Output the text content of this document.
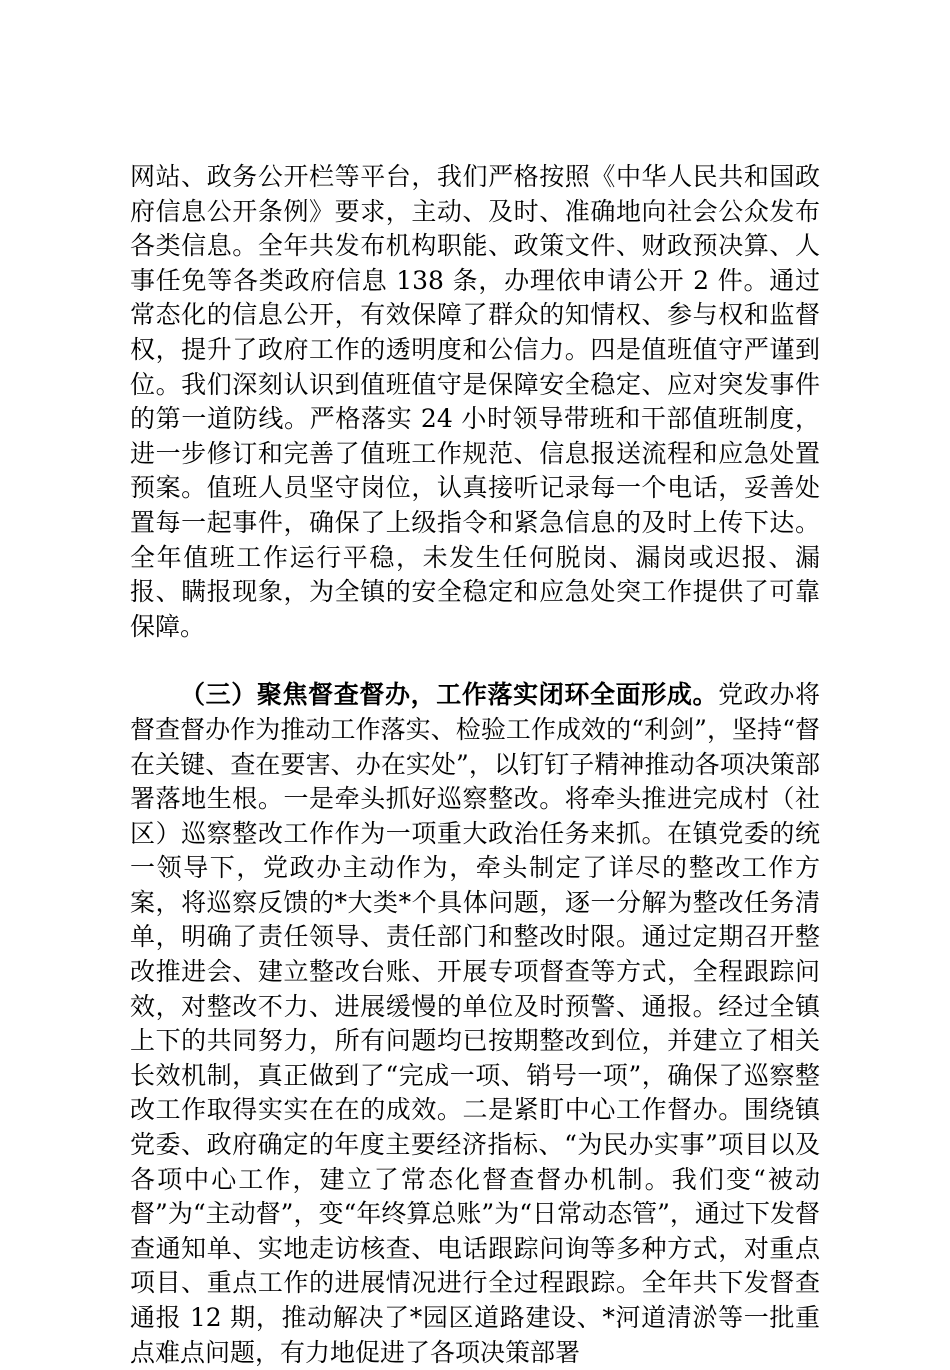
网站、政务公开栏等平台，我们严格按照《中华人民共和国政府信息公开条例》要求，主动、及时、准确地向社会公众发布各类信息。全年共发布机构职能、政策文件、财政预决算、人事任免等各类政府信息 138 条，办理依申请公开 2 件。通过常态化的信息公开，有效保障了群众的知情权、参与权和监督权，提升了政府工作的透明度和公信力。四是值班值守严谨到位。我们深刻认识到值班值守是保障安全稳定、应对突发事件的第一道防线。严格落实 24 小时领导带班和干部值班制度，进一步修订和完善了值班工作规范、信息报送流程和应急处置预案。值班人员坚守岗位，认真接听记录每一个电话，妥善处置每一起事件，确保了上级指令和紧急信息的及时上传下达。全年值班工作运行平稳，未发生任何脱岗、漏岗或迟报、漏报、瞒报现象，为全镇的安全稳定和应急处突工作提供了可靠保障。

（三）聚焦督查督办，工作落实闭环全面形成。党政办将督查督办作为推动工作落实、检验工作成效的“利剑”，坚持“督在关键、查在要害、办在实处”，以钉钉子精神推动各项决策部署落地生根。一是牵头抓好巡察整改。将牵头推进完成村（社区）巡察整改工作作为一项重大政治任务来抓。在镇党委的统一领导下，党政办主动作为，牵头制定了详尽的整改工作方案，将巡察反馈的*大类*个具体问题，逐一分解为整改任务清单，明确了责任领导、责任部门和整改时限。通过定期召开整改推进会、建立整改台账、开展专项督查等方式，全程跟踪问效，对整改不力、进展缓慢的单位及时预警、通报。经过全镇上下的共同努力，所有问题均已按期整改到位，并建立了相关长效机制，真正做到了“完成一项、销号一项”，确保了巡察整改工作取得实实在在的成效。二是紧盯中心工作督办。围绕镇党委、政府确定的年度主要经济指标、“为民办实事”项目以及各项中心工作，建立了常态化督查督办机制。我们变“被动督”为“主动督”，变“年终算总账”为“日常动态管”，通过下发督查通知单、实地走访核查、电话跟踪问询等多种方式，对重点项目、重点工作的进展情况进行全过程跟踪。全年共下发督查通报 12 期，推动解决了*园区道路建设、*河道清淤等一批重点难点问题，有力地促进了各项决策部署
